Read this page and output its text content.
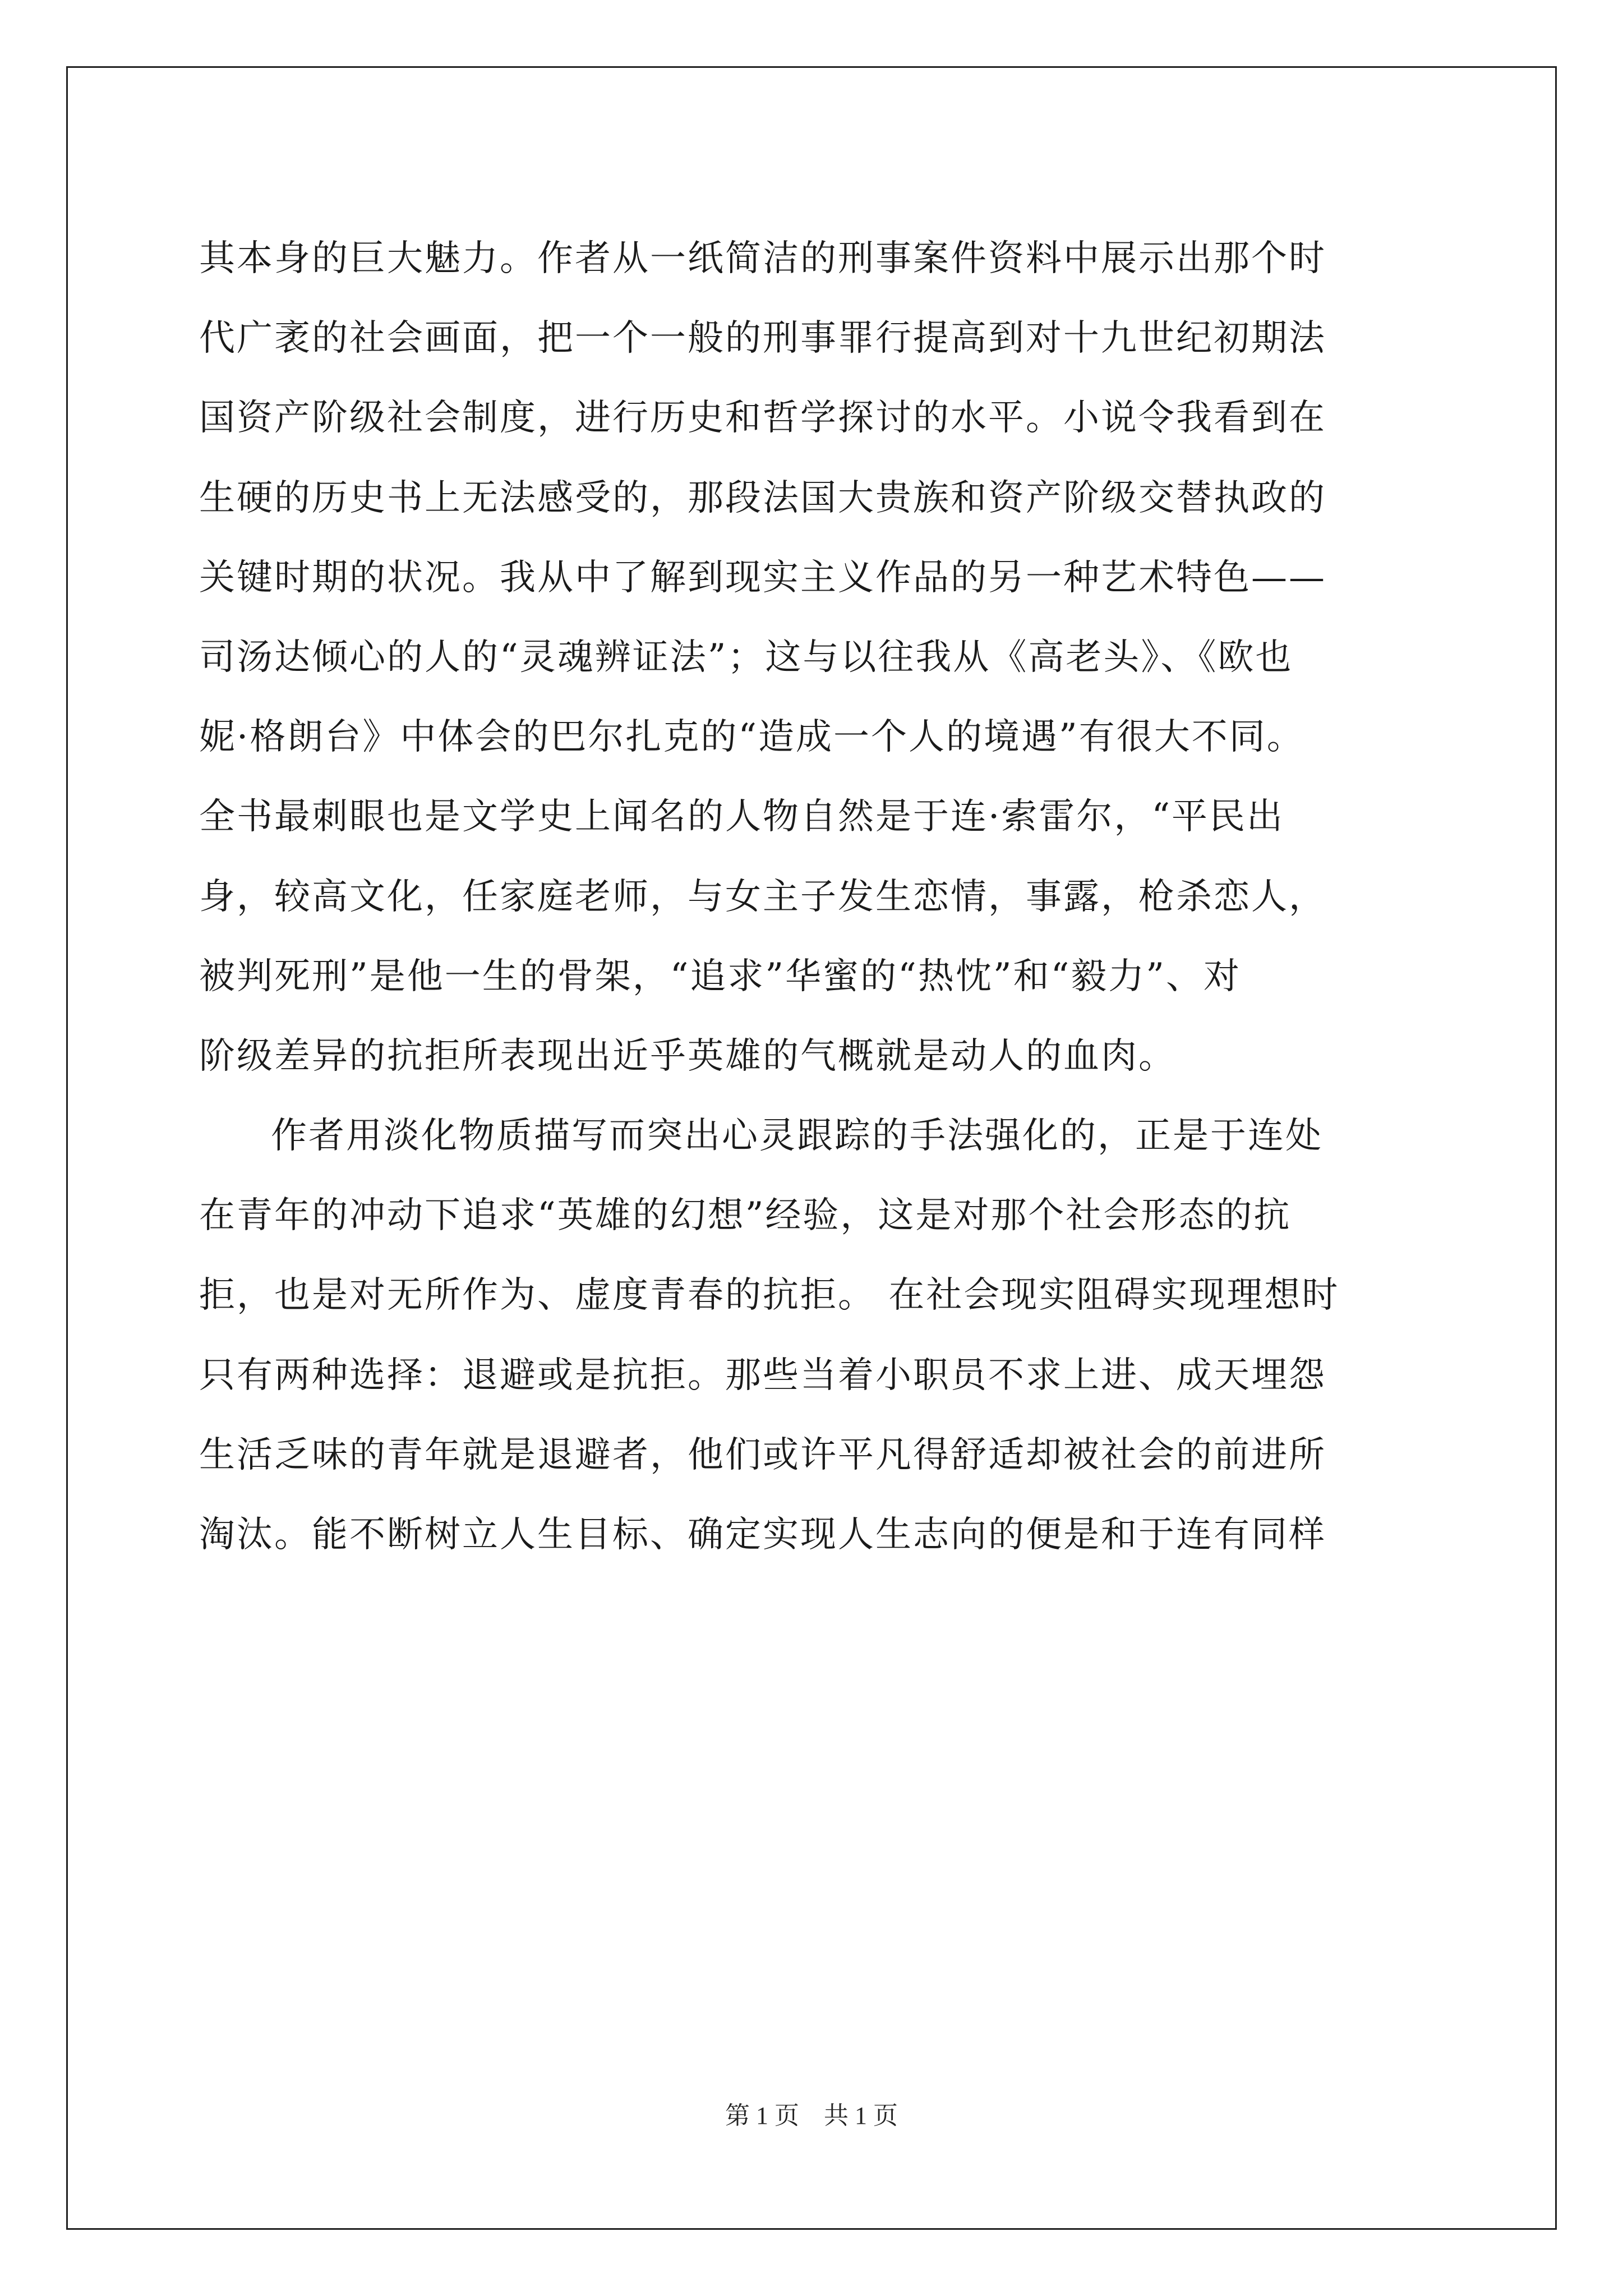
其本身的巨大魅力。作者从一纸简洁的刑事案件资料中展示出那个时
代广袤的社会画面，把一个一般的刑事罪行提高到对十九世纪初期法
国资产阶级社会制度，进行历史和哲学探讨的水平。小说令我看到在
生硬的历史书上无法感受的，那段法国大贵族和资产阶级交替执政的
关键时期的状况。我从中了解到现实主义作品的另一种艺术特色——
司汤达倾心的人的“灵魂辨证法”；这与以往我从《高老头》、《欧也
妮·格朗台》中体会的巴尔扎克的“造成一个人的境遇”有很大不同。
全书最刺眼也是文学史上闻名的人物自然是于连·索雷尔，“平民出
身，较高文化，任家庭老师，与女主子发生恋情，事露，枪杀恋人，
被判死刑”是他一生的骨架，“追求”华蜜的“热忱”和“毅力”、对
阶级差异的抗拒所表现出近乎英雄的气概就是动人的血肉。
作者用淡化物质描写而突出心灵跟踪的手法强化的，正是于连处
在青年的冲动下追求“英雄的幻想”经验，这是对那个社会形态的抗
拒，也是对无所作为、虚度青春的抗拒。 在社会现实阻碍实现理想时
只有两种选择：退避或是抗拒。那些当着小职员不求上进、成天埋怨
生活乏味的青年就是退避者，他们或许平凡得舒适却被社会的前进所
淘汰。能不断树立人生目标、确定实现人生志向的便是和于连有同样
第 1 页    共 1 页
